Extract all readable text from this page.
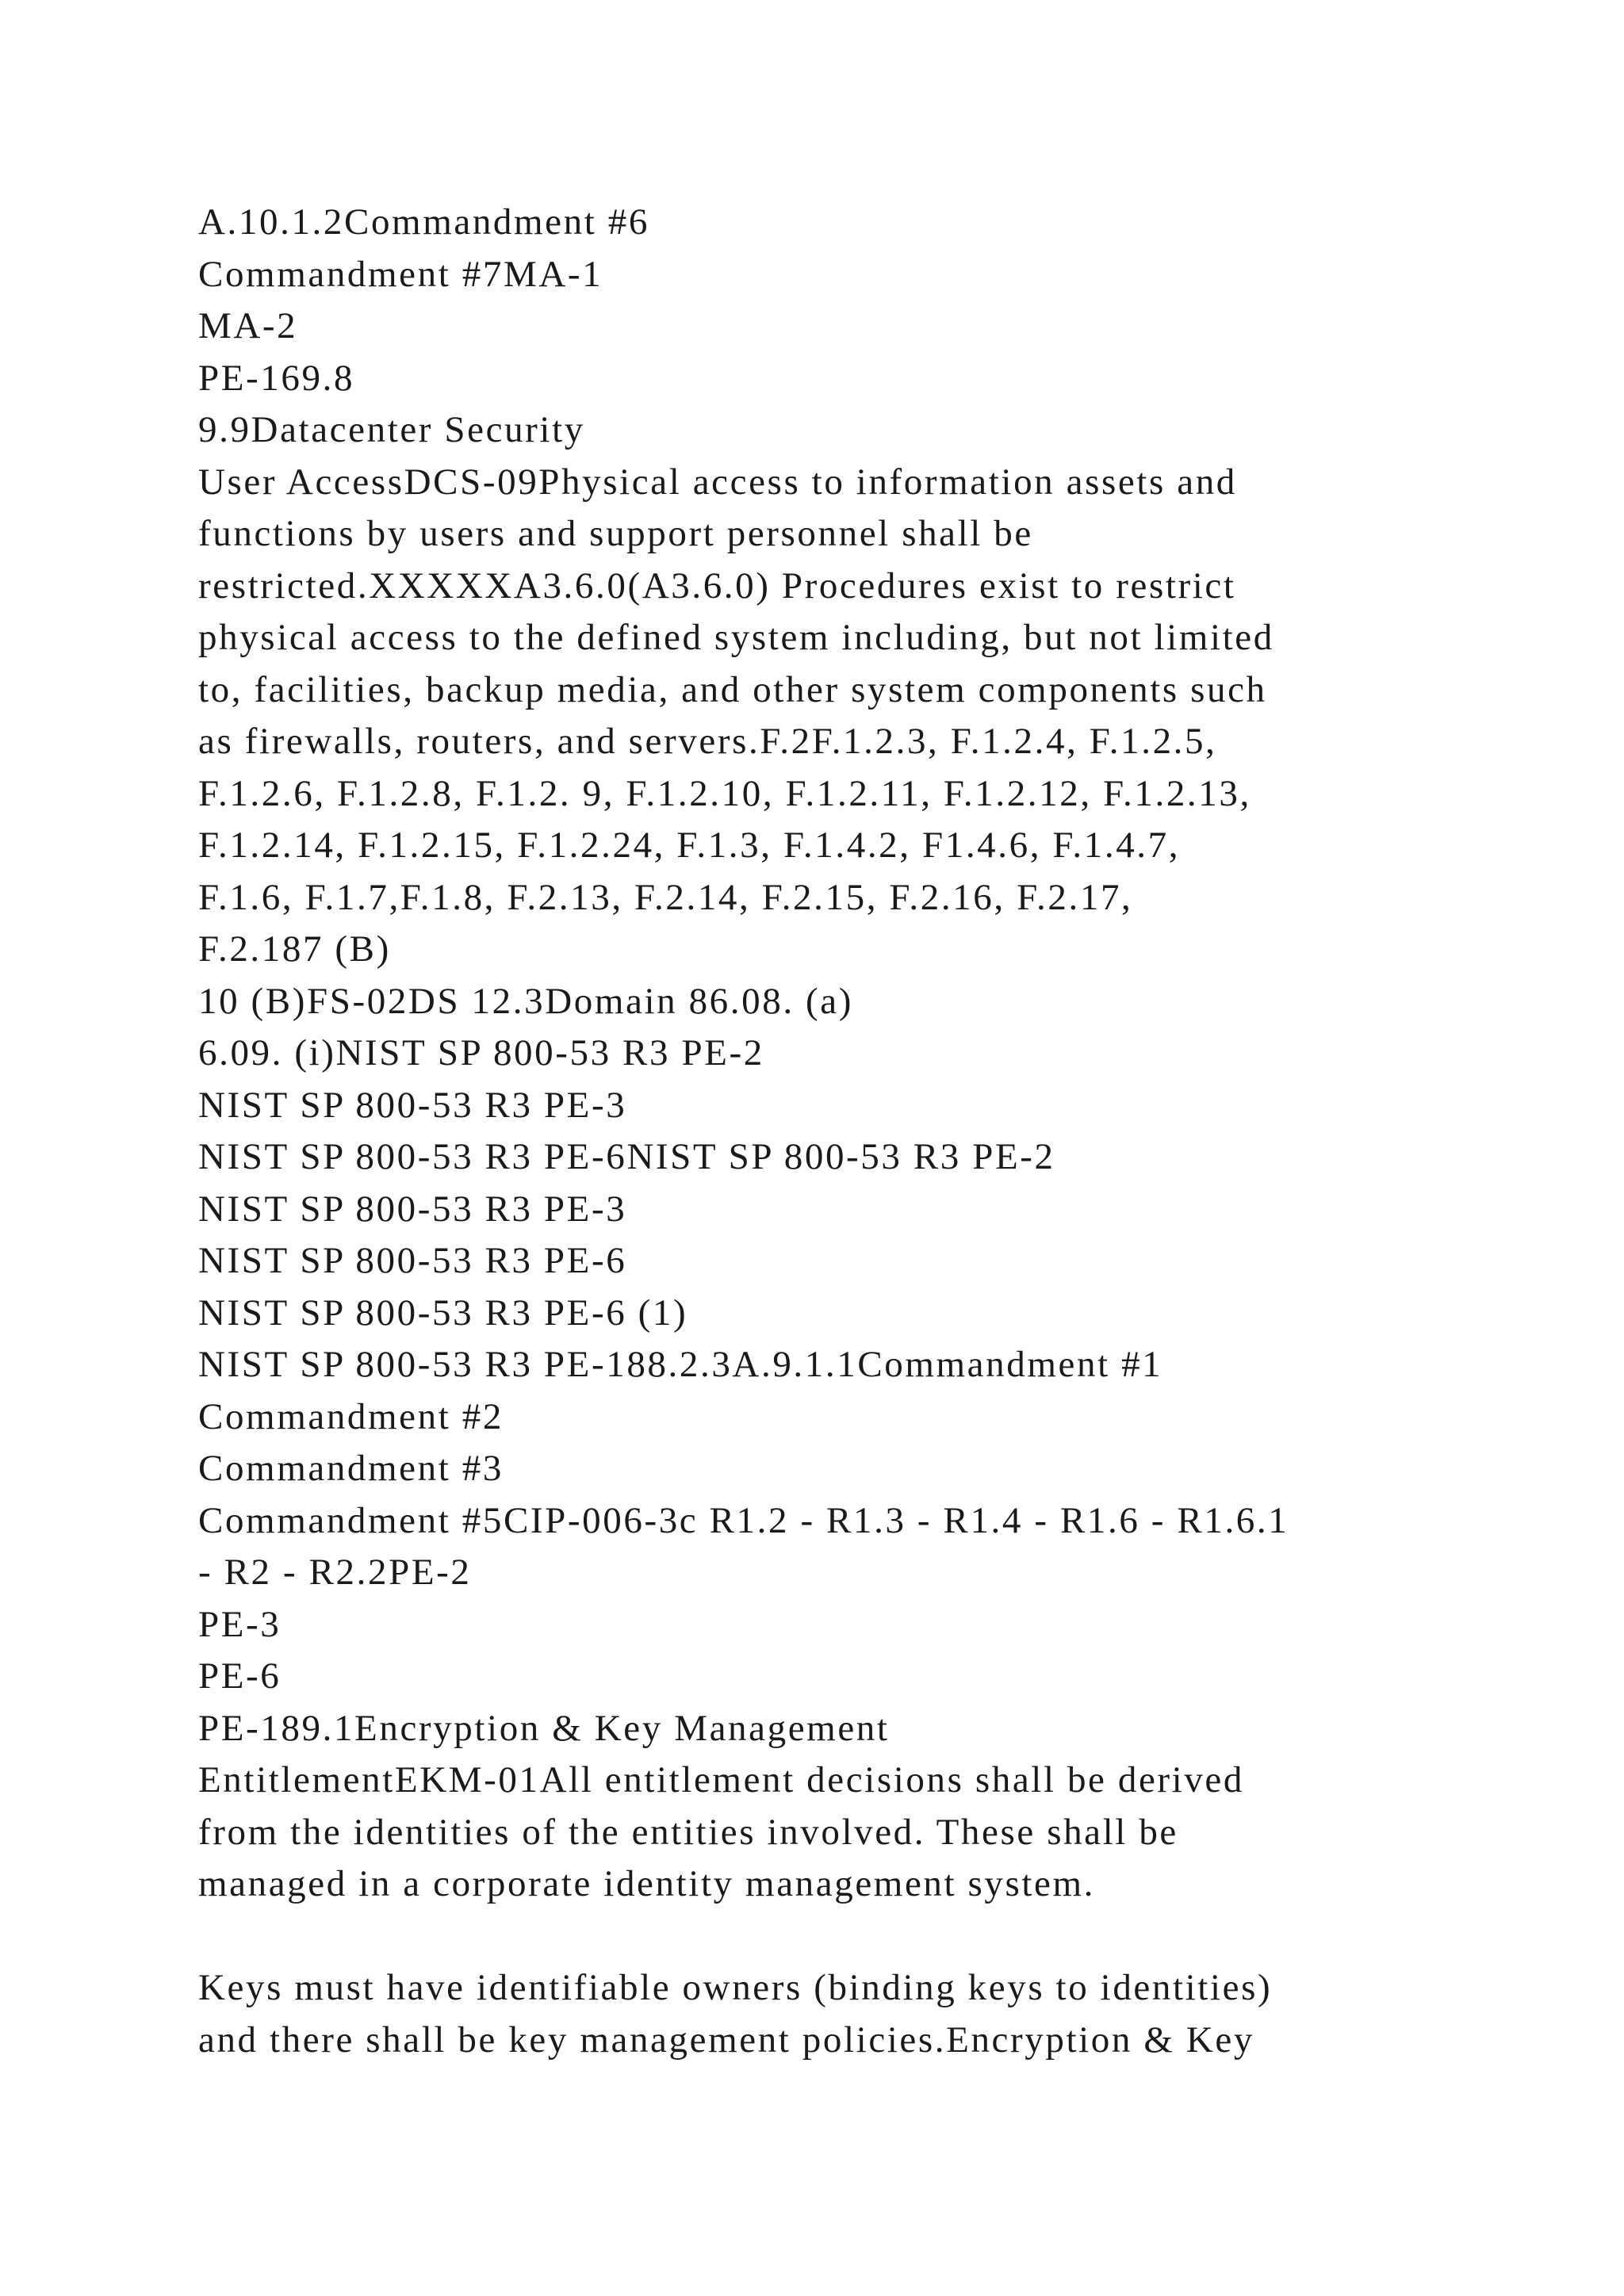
A.10.1.2Commandment #6
Commandment #7MA-1
MA-2
PE-169.8
9.9Datacenter Security
User AccessDCS-09Physical access to information assets and
functions by users and support personnel shall be
restricted.XXXXXA3.6.0(A3.6.0) Procedures exist to restrict
physical access to the defined system including, but not limited
to, facilities, backup media, and other system components such
as firewalls, routers, and servers.F.2F.1.2.3, F.1.2.4, F.1.2.5,
F.1.2.6, F.1.2.8, F.1.2. 9, F.1.2.10, F.1.2.11, F.1.2.12, F.1.2.13,
F.1.2.14, F.1.2.15, F.1.2.24, F.1.3, F.1.4.2, F1.4.6, F.1.4.7,
F.1.6, F.1.7,F.1.8, F.2.13, F.2.14, F.2.15, F.2.16, F.2.17,
F.2.187 (B)
10 (B)FS-02DS 12.3Domain 86.08. (a)
6.09. (i)NIST SP 800-53 R3 PE-2
NIST SP 800-53 R3 PE-3
NIST SP 800-53 R3 PE-6NIST SP 800-53 R3 PE-2
NIST SP 800-53 R3 PE-3
NIST SP 800-53 R3 PE-6
NIST SP 800-53 R3 PE-6 (1)
NIST SP 800-53 R3 PE-188.2.3A.9.1.1Commandment #1
Commandment #2
Commandment #3
Commandment #5CIP-006-3c R1.2 - R1.3 - R1.4 - R1.6 - R1.6.1
- R2 - R2.2PE-2
PE-3
PE-6
PE-189.1Encryption & Key Management
EntitlementEKM-01All entitlement decisions shall be derived
from the identities of the entities involved. These shall be
managed in a corporate identity management system.
Keys must have identifiable owners (binding keys to identities)
and there shall be key management policies.Encryption & Key
